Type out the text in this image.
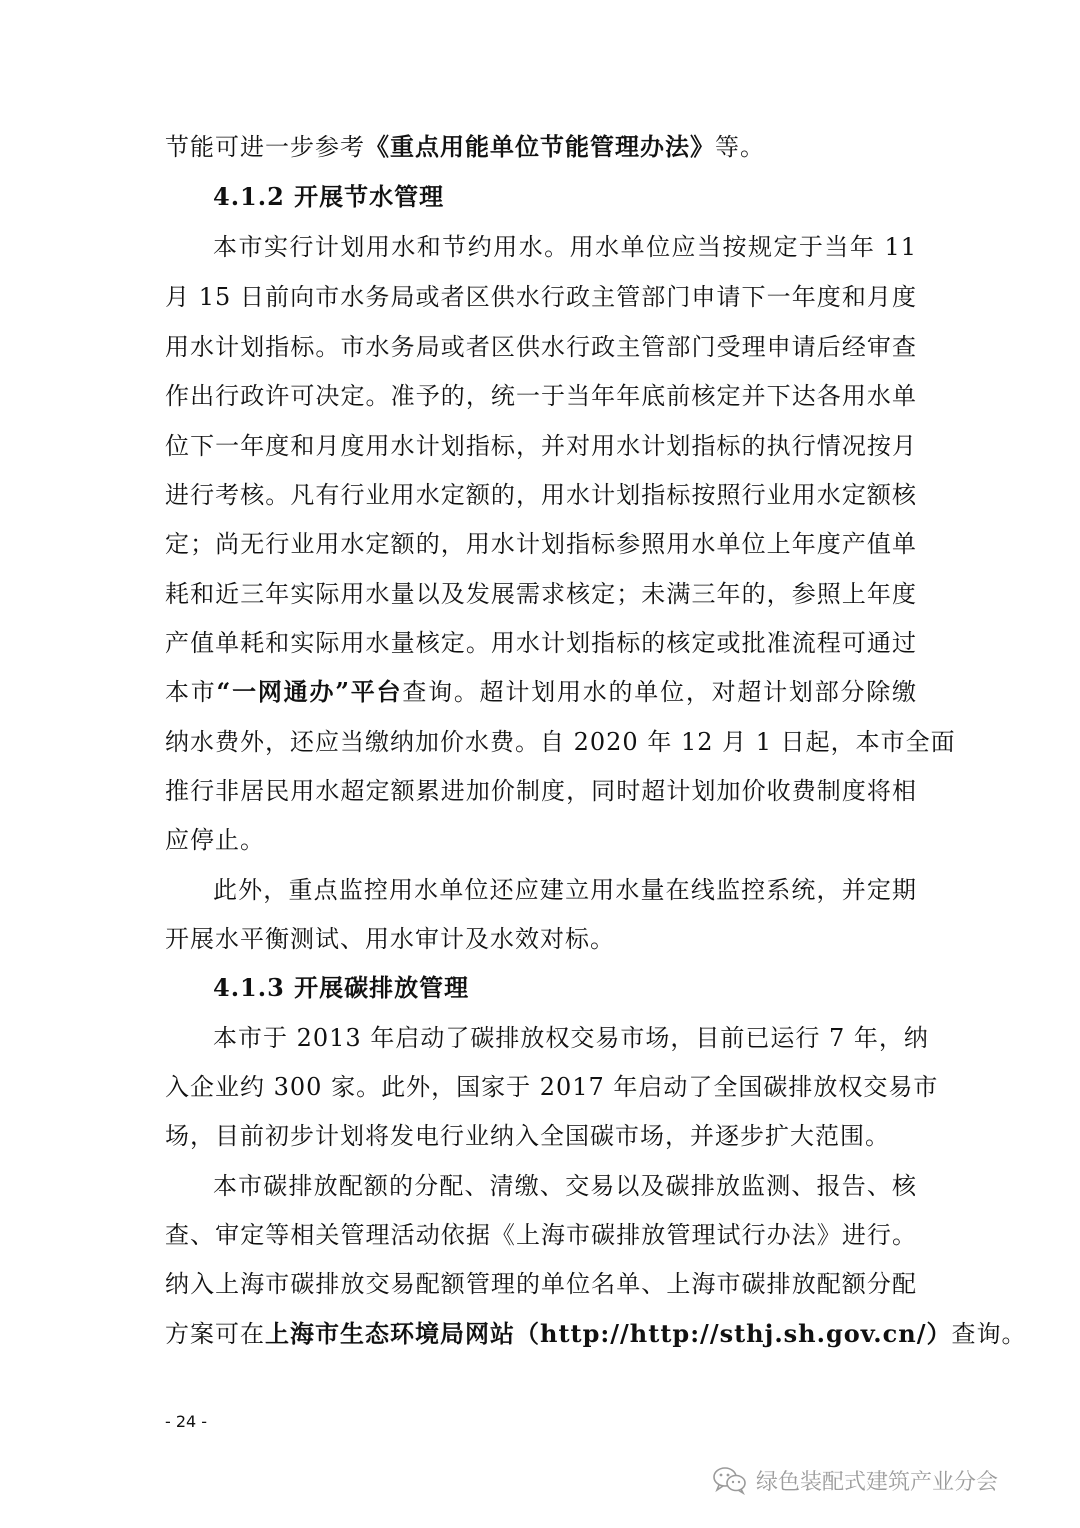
节能可进一步参考《重点用能单位节能管理办法》等。
4.1.2 开展节水管理
本市实行计划用水和节约用水。用水单位应当按规定于当年 11
月 15 日前向市水务局或者区供水行政主管部门申请下一年度和月度
用水计划指标。市水务局或者区供水行政主管部门受理申请后经审查
作出行政许可决定。准予的，统一于当年年底前核定并下达各用水单
位下一年度和月度用水计划指标，并对用水计划指标的执行情况按月
进行考核。凡有行业用水定额的，用水计划指标按照行业用水定额核
定；尚无行业用水定额的，用水计划指标参照用水单位上年度产值单
耗和近三年实际用水量以及发展需求核定；未满三年的，参照上年度
产值单耗和实际用水量核定。用水计划指标的核定或批准流程可通过
本市“一网通办”平台查询。超计划用水的单位，对超计划部分除缴
纳水费外，还应当缴纳加价水费。自 2020 年 12 月 1 日起，本市全面
推行非居民用水超定额累进加价制度，同时超计划加价收费制度将相
应停止。
此外，重点监控用水单位还应建立用水量在线监控系统，并定期
开展水平衡测试、用水审计及水效对标。
4.1.3 开展碳排放管理
本市于 2013 年启动了碳排放权交易市场，目前已运行 7 年，纳
入企业约 300 家。此外，国家于 2017 年启动了全国碳排放权交易市
场，目前初步计划将发电行业纳入全国碳市场，并逐步扩大范围。
本市碳排放配额的分配、清缴、交易以及碳排放监测、报告、核
查、审定等相关管理活动依据《上海市碳排放管理试行办法》进行。
纳入上海市碳排放交易配额管理的单位名单、上海市碳排放配额分配
方案可在上海市生态环境局网站（http://http://sthj.sh.gov.cn/）查询。
- 24 -
绿色装配式建筑产业分会
